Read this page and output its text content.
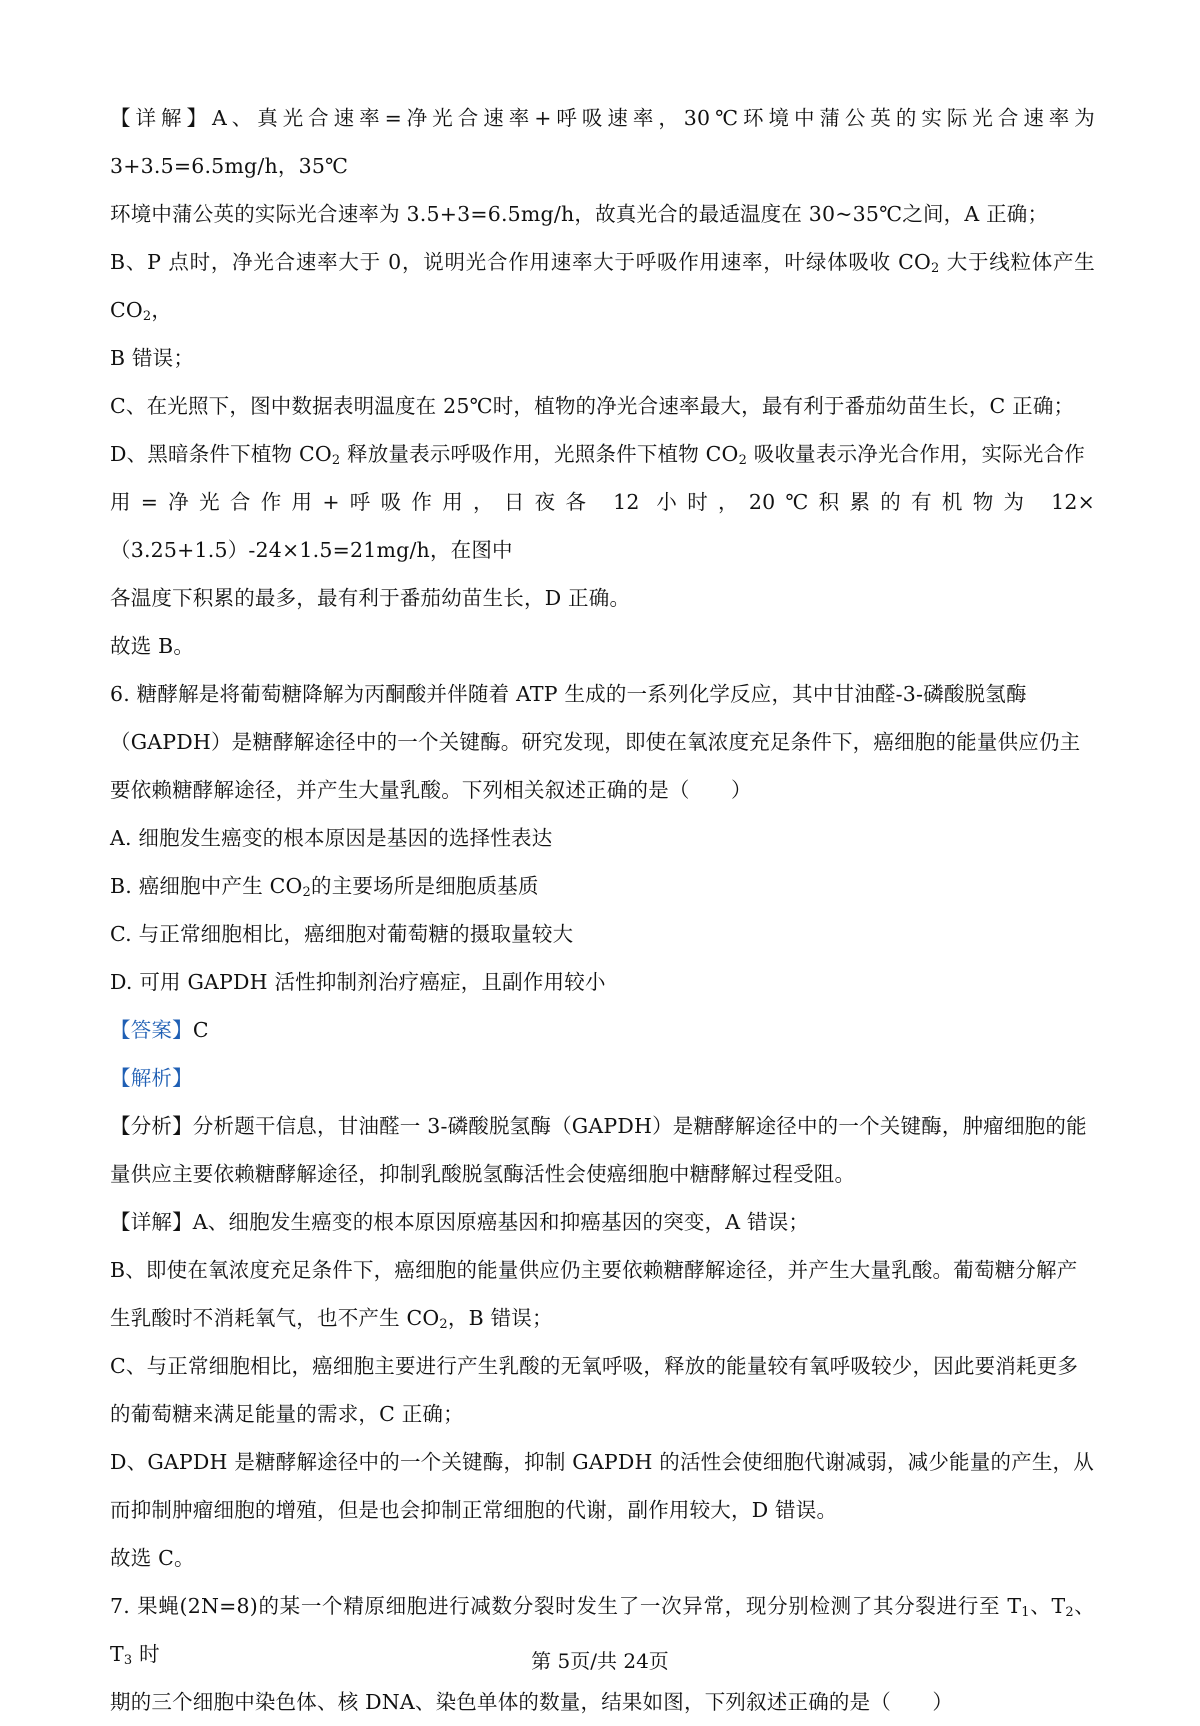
【详解】A、真光合速率=净光合速率+呼吸速率，30℃环境中蒲公英的实际光合速率为 3+3.5=6.5mg/h，35℃

环境中蒲公英的实际光合速率为 3.5+3=6.5mg/h，故真光合的最适温度在 30~35℃之间，A 正确；

B、P 点时，净光合速率大于 0，说明光合作用速率大于呼吸作用速率，叶绿体吸收 $CO_2$ 大于线粒体产生 $CO_2$，

B 错误；

C、在光照下，图中数据表明温度在 25℃时，植物的净光合速率最大，最有利于番茄幼苗生长，C 正确；

D、黑暗条件下植物 $CO_2$ 释放量表示呼吸作用，光照条件下植物 $CO_2$ 吸收量表示净光合作用，实际光合作

用=净光合作用+呼吸作用，日夜各 12 小时，20℃积累的有机物为 12×（3.25+1.5）-24×1.5=21mg/h，在图中

各温度下积累的最多，最有利于番茄幼苗生长，D 正确。

故选 B。

6. 糖酵解是将葡萄糖降解为丙酮酸并伴随着 ATP 生成的一系列化学反应，其中甘油醛-3-磷酸脱氢酶

（GAPDH）是糖酵解途径中的一个关键酶。研究发现，即使在氧浓度充足条件下，癌细胞的能量供应仍主

要依赖糖酵解途径，并产生大量乳酸。下列相关叙述正确的是（　　）

A. 细胞发生癌变的根本原因是基因的选择性表达

B. 癌细胞中产生 $CO_2$的主要场所是细胞质基质

C. 与正常细胞相比，癌细胞对葡萄糖的摄取量较大

D. 可用 GAPDH 活性抑制剂治疗癌症，且副作用较小

【答案】C

【解析】

【分析】分析题干信息，甘油醛一 3-磷酸脱氢酶（GAPDH）是糖酵解途径中的一个关键酶，肿瘤细胞的能

量供应主要依赖糖酵解途径，抑制乳酸脱氢酶活性会使癌细胞中糖酵解过程受阻。

【详解】A、细胞发生癌变的根本原因原癌基因和抑癌基因的突变，A 错误；

B、即使在氧浓度充足条件下，癌细胞的能量供应仍主要依赖糖酵解途径，并产生大量乳酸。葡萄糖分解产

生乳酸时不消耗氧气，也不产生 $CO_2$，B 错误；

C、与正常细胞相比，癌细胞主要进行产生乳酸的无氧呼吸，释放的能量较有氧呼吸较少，因此要消耗更多

的葡萄糖来满足能量的需求，C 正确；

D、GAPDH 是糖酵解途径中的一个关键酶，抑制 GAPDH 的活性会使细胞代谢减弱，减少能量的产生，从

而抑制肿瘤细胞的增殖，但是也会抑制正常细胞的代谢，副作用较大，D 错误。

故选 C。

7. 果蝇(2N=8)的某一个精原细胞进行减数分裂时发生了一次异常，现分别检测了其分裂进行至 $T_1$、$T_2$、$T_3$ 时

期的三个细胞中染色体、核 DNA、染色单体的数量，结果如图，下列叙述正确的是（　　）

第 5页/共 24页
